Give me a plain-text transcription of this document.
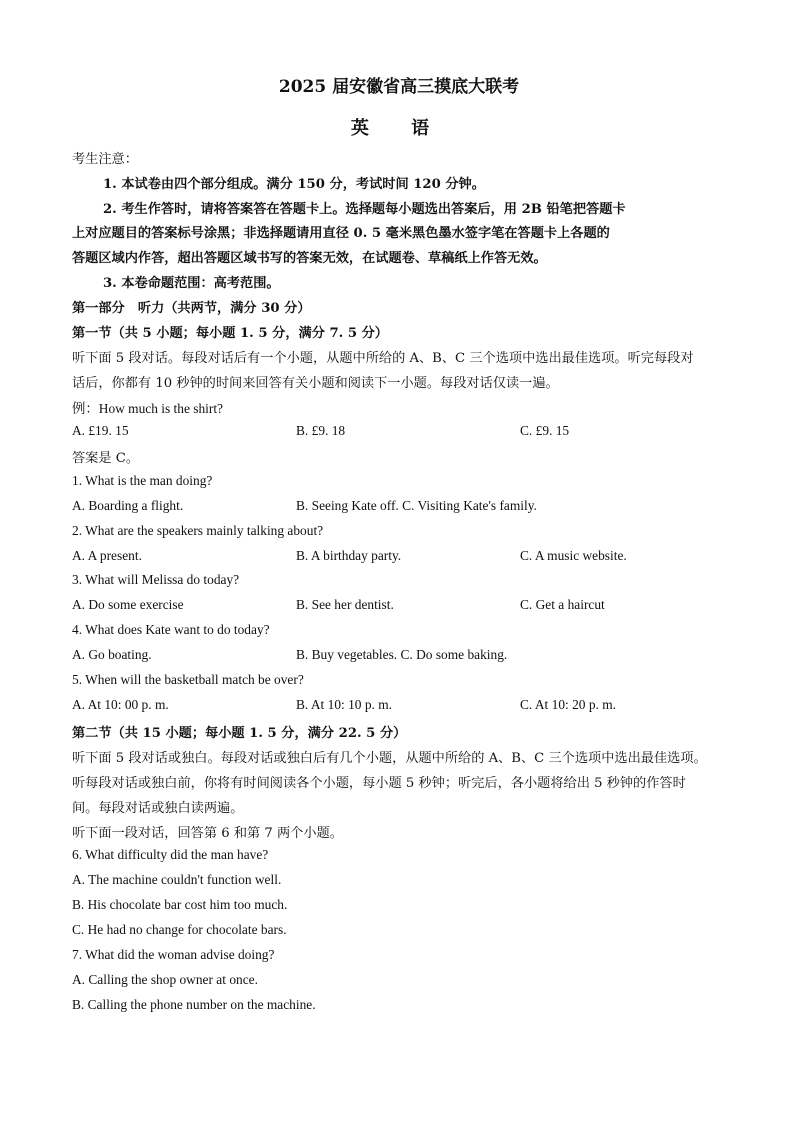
2025 届安徽省高三摸底大联考
英 语
考生注意：
1. 本试卷由四个部分组成。满分 150 分，考试时间 120 分钟。
2. 考生作答时，请将答案答在答题卡上。选择题每小题选出答案后，用 2B 铅笔把答题卡
上对应题目的答案标号涂黑；非选择题请用直径 0. 5 毫米黑色墨水签字笔在答题卡上各题的
答题区域内作答，超出答题区域书写的答案无效，在试题卷、草稿纸上作答无效。
3. 本卷命题范围：高考范围。
第一部分　听力（共两节，满分 30 分）
第一节（共 5 小题；每小题 1. 5 分，满分 7. 5 分）
听下面 5 段对话。每段对话后有一个小题，从题中所给的 A、B、C 三个选项中选出最佳选项。听完每段对
话后，你都有 10 秒钟的时间来回答有关小题和阅读下一小题。每段对话仅读一遍。
例：How much is the shirt?
A. £19. 15	B. £9. 18	C. £9. 15
答案是 C。
1. What is the man doing?
A. Boarding a flight.	B. Seeing Kate off. C. Visiting Kate's family.
2. What are the speakers mainly talking about?
A. A present.	B. A birthday party.	C. A music website.
3. What will Melissa do today?
A. Do some exercise	B. See her dentist.	C. Get a haircut
4. What does Kate want to do today?
A. Go boating.	B. Buy vegetables. C. Do some baking.
5. When will the basketball match be over?
A. At 10: 00 p. m.	B. At 10: 10 p. m.	C. At 10: 20 p. m.
第二节（共 15 小题；每小题 1. 5 分，满分 22. 5 分）
听下面 5 段对话或独白。每段对话或独白后有几个小题，从题中所给的 A、B、C 三个选项中选出最佳选项。
听每段对话或独白前，你将有时间阅读各个小题，每小题 5 秒钟；听完后，各小题将给出 5 秒钟的作答时
间。每段对话或独白读两遍。
听下面一段对话，回答第 6 和第 7 两个小题。
6. What difficulty did the man have?
A. The machine couldn't function well.
B. His chocolate bar cost him too much.
C. He had no change for chocolate bars.
7. What did the woman advise doing?
A. Calling the shop owner at once.
B. Calling the phone number on the machine.
